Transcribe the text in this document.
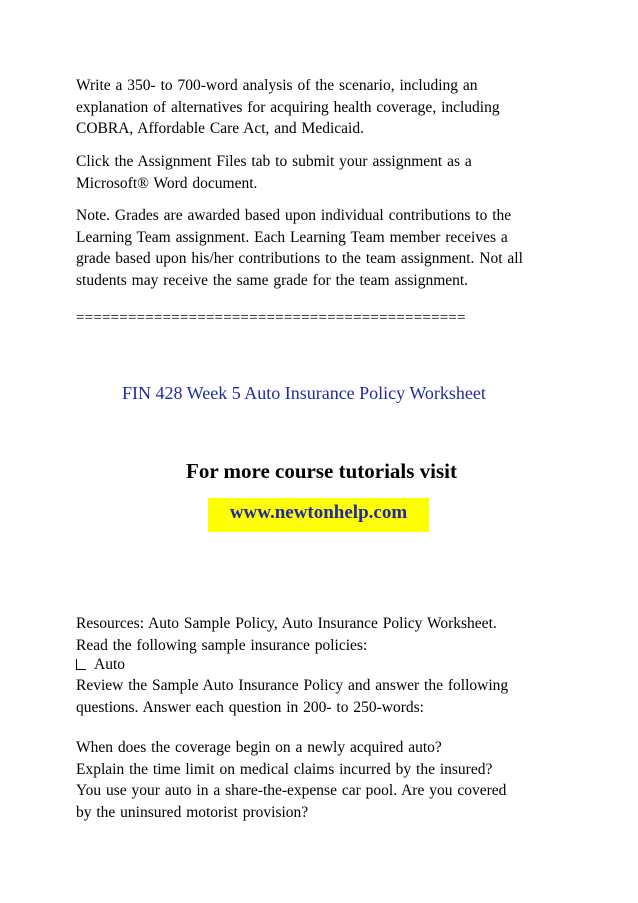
Write a 350- to 700-word analysis of the scenario, including an
explanation of alternatives for acquiring health coverage, including
COBRA, Affordable Care Act, and Medicaid.
Click the Assignment Files tab to submit your assignment as a
Microsoft® Word document.
Note. Grades are awarded based upon individual contributions to the
Learning Team assignment. Each Learning Team member receives a
grade based upon his/her contributions to the team assignment. Not all
students may receive the same grade for the team assignment.
=============================================
FIN 428 Week 5 Auto Insurance Policy Worksheet
For more course tutorials visit
www.newtonhelp.com
Resources: Auto Sample Policy, Auto Insurance Policy Worksheet.
Read the following sample insurance policies:
Auto
Review the Sample Auto Insurance Policy and answer the following
questions. Answer each question in 200- to 250-words:
When does the coverage begin on a newly acquired auto?
Explain the time limit on medical claims incurred by the insured?
You use your auto in a share-the-expense car pool. Are you covered
by the uninsured motorist provision?
